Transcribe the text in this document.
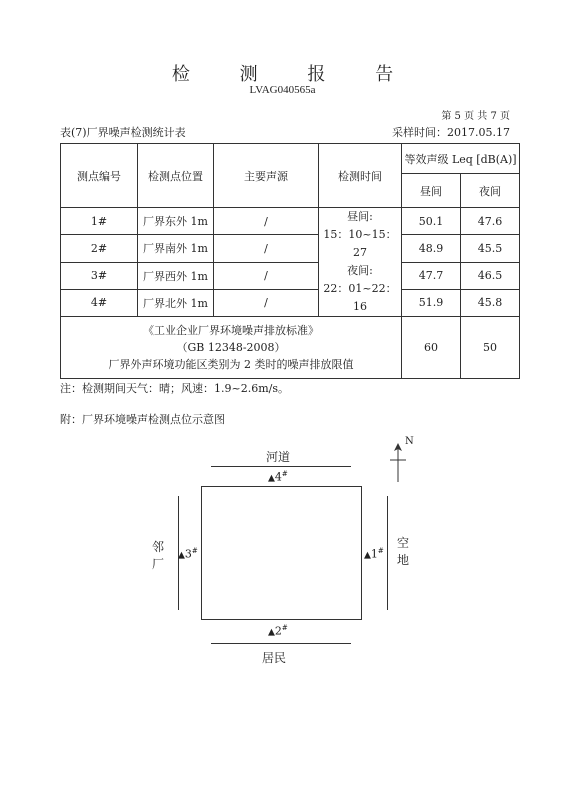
检 测 报 告
LVAG040565a
第 5 页 共 7 页
表(7)厂界噪声检测统计表	采样时间：2017.05.17
测点编号	检测点位置	主要声源	检测时间	等效声级 Leq [dB(A)]	
				昼间	夜间
1#	厂界东外 1m	/	昼间:
15：10~15：27
夜间:
22：01~22：16	50.1	47.6
2#	厂界南外 1m	/		48.9	45.5
3#	厂界西外 1m	/		47.7	46.5
4#	厂界北外 1m	/		51.9	45.8

《工业企业厂界环境噪声排放标准》
（GB 12348-2008）
厂界外声环境功能区类别为 2 类时的噪声排放限值				60	50
注：检测期间天气：晴；风速：1.9~2.6m/s。
附：厂界环境噪声检测点位示意图
N
河道
居民
邻厂
空地
▲4#
▲3#	▲1#
▲2#
